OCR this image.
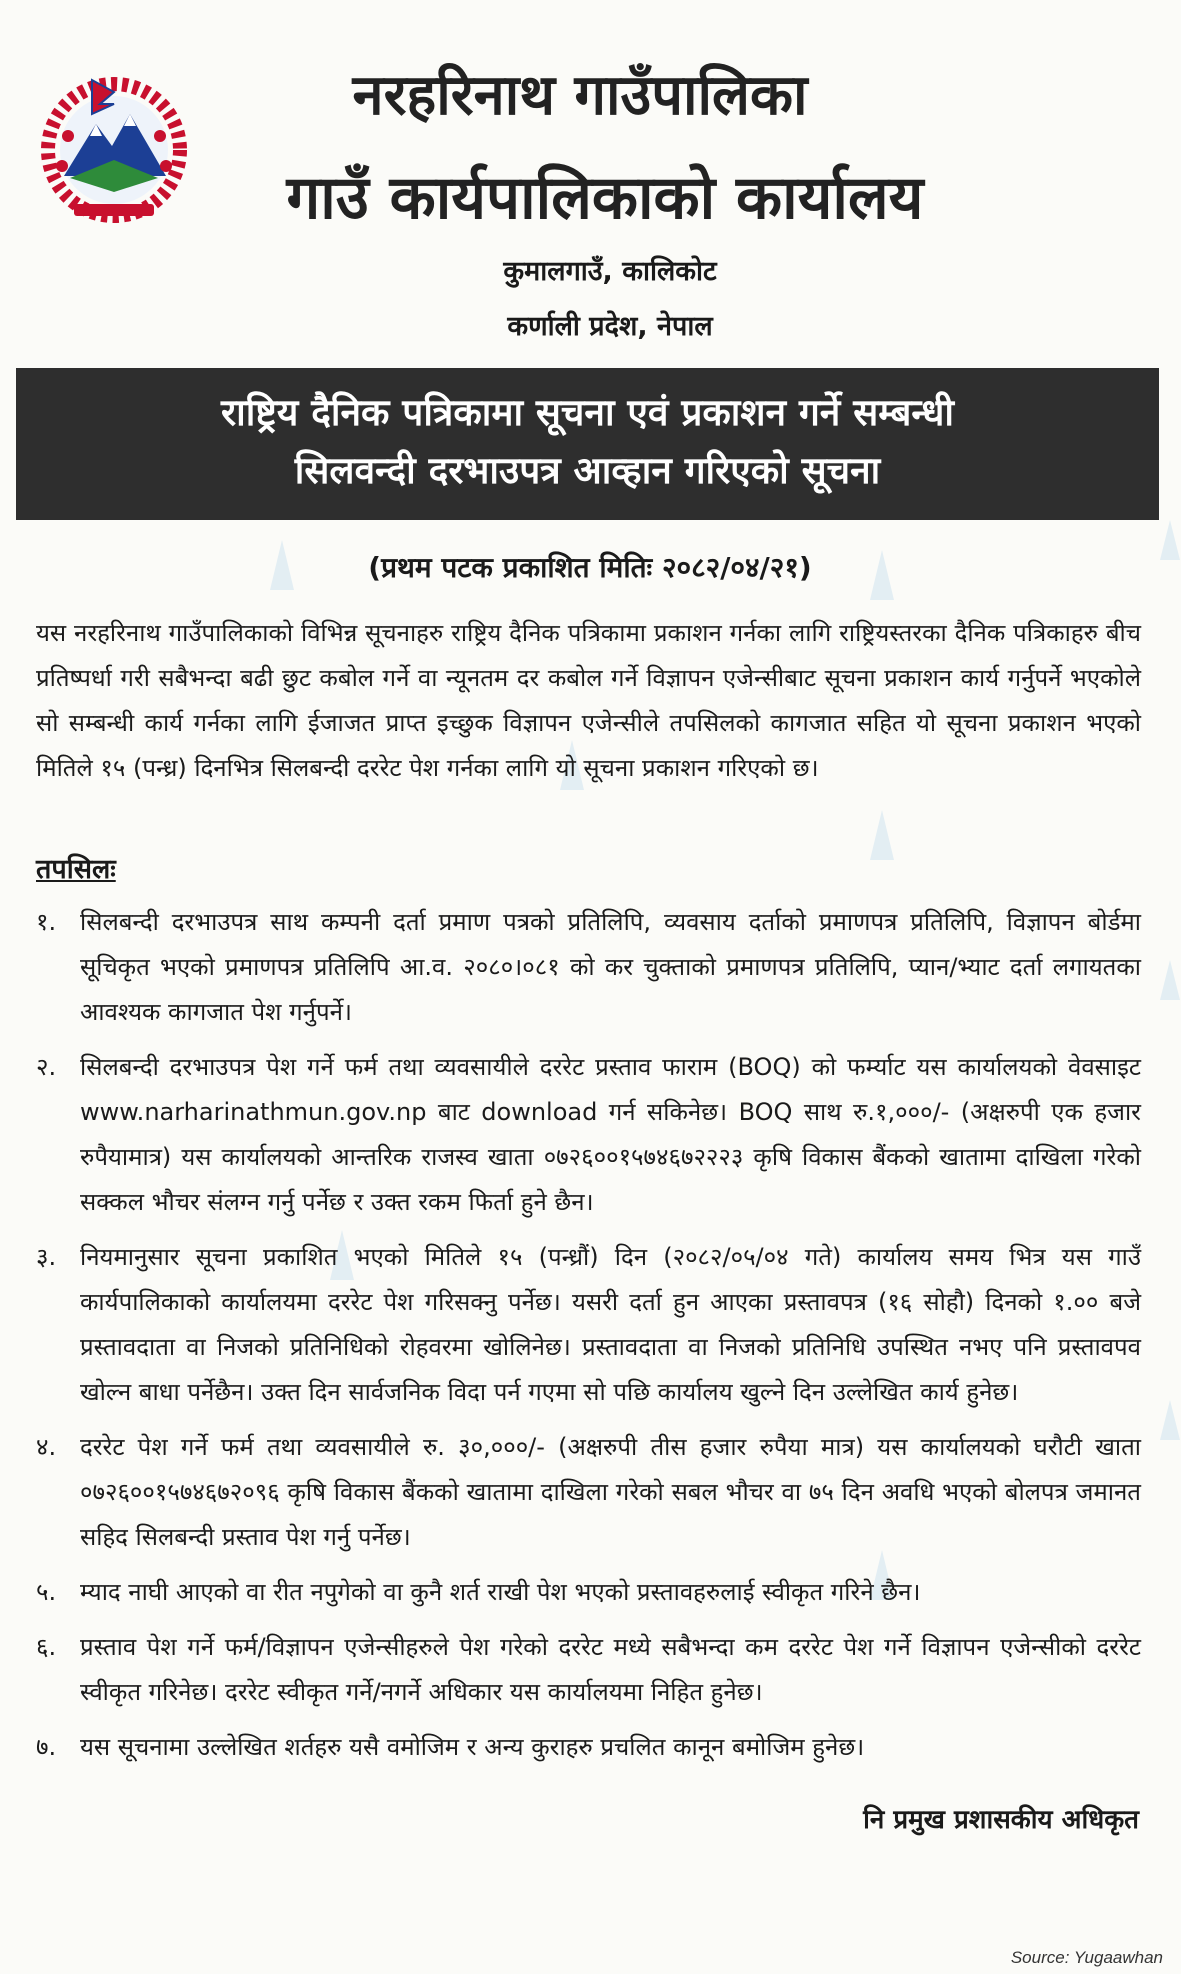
नरहरिनाथ गाउँपालिका
गाउँ कार्यपालिकाको कार्यालय
कुमालगाउँ, कालिकोट
कर्णाली प्रदेश, नेपाल
राष्ट्रिय दैनिक पत्रिकामा सूचना एवं प्रकाशन गर्ने सम्बन्धी
सिलवन्दी दरभाउपत्र आव्हान गरिएको सूचना
(प्रथम पटक प्रकाशित मितिः २०८२/०४/२१)
यस नरहरिनाथ गाउँपालिकाको विभिन्न सूचनाहरु राष्ट्रिय दैनिक पत्रिकामा प्रकाशन गर्नका लागि राष्ट्रियस्तरका दैनिक पत्रिकाहरु बीच प्रतिष्पर्धा गरी सबैभन्दा बढी छुट कबोल गर्ने वा न्यूनतम दर कबोल गर्ने विज्ञापन एजेन्सीबाट सूचना प्रकाशन कार्य गर्नुपर्ने भएकोले सो सम्बन्धी कार्य गर्नका लागि ईजाजत प्राप्त इच्छुक विज्ञापन एजेन्सीले तपसिलको कागजात सहित यो सूचना प्रकाशन भएको मितिले १५ (पन्ध्र) दिनभित्र सिलबन्दी दररेट पेश गर्नका लागि यो सूचना प्रकाशन गरिएको छ।
तपसिलः
१. सिलबन्दी दरभाउपत्र साथ कम्पनी दर्ता प्रमाण पत्रको प्रतिलिपि, व्यवसाय दर्ताको प्रमाणपत्र प्रतिलिपि, विज्ञापन बोर्डमा सूचिकृत भएको प्रमाणपत्र प्रतिलिपि आ.व. २०८०।०८१ को कर चुक्ताको प्रमाणपत्र प्रतिलिपि, प्यान/भ्याट दर्ता लगायतका आवश्यक कागजात पेश गर्नुपर्ने।
२. सिलबन्दी दरभाउपत्र पेश गर्ने फर्म तथा व्यवसायीले दररेट प्रस्ताव फाराम (BOQ) को फर्म्याट यस कार्यालयको वेवसाइट www.narharinathmun.gov.np बाट download गर्न सकिनेछ। BOQ साथ रु.१,०००/- (अक्षरुपी एक हजार रुपैयामात्र) यस कार्यालयको आन्तरिक राजस्व खाता ०७२६००१५७४६७२२२३ कृषि विकास बैंकको खातामा दाखिला गरेको सक्कल भौचर संलग्न गर्नु पर्नेछ र उक्त रकम फिर्ता हुने छैन।
३. नियमानुसार सूचना प्रकाशित भएको मितिले १५ (पन्ध्रौं) दिन (२०८२/०५/०४ गते) कार्यालय समय भित्र यस गाउँ कार्यपालिकाको कार्यालयमा दररेट पेश गरिसक्नु पर्नेछ। यसरी दर्ता हुन आएका प्रस्तावपत्र (१६ सोहौ) दिनको १.०० बजे प्रस्तावदाता वा निजको प्रतिनिधिको रोहवरमा खोलिनेछ। प्रस्तावदाता वा निजको प्रतिनिधि उपस्थित नभए पनि प्रस्तावपव खोल्न बाधा पर्नेछैन। उक्त दिन सार्वजनिक विदा पर्न गएमा सो पछि कार्यालय खुल्ने दिन उल्लेखित कार्य हुनेछ।
४. दररेट पेश गर्ने फर्म तथा व्यवसायीले रु. ३०,०००/- (अक्षरुपी तीस हजार रुपैया मात्र) यस कार्यालयको घरौटी खाता ०७२६००१५७४६७२०९६ कृषि विकास बैंकको खातामा दाखिला गरेको सबल भौचर वा ७५ दिन अवधि भएको बोलपत्र जमानत सहिद सिलबन्दी प्रस्ताव पेश गर्नु पर्नेछ।
५. म्याद नाघी आएको वा रीत नपुगेको वा कुनै शर्त राखी पेश भएको प्रस्तावहरुलाई स्वीकृत गरिने छैन।
६. प्रस्ताव पेश गर्ने फर्म/विज्ञापन एजेन्सीहरुले पेश गरेको दररेट मध्ये सबैभन्दा कम दररेट पेश गर्ने विज्ञापन एजेन्सीको दररेट स्वीकृत गरिनेछ। दररेट स्वीकृत गर्ने/नगर्ने अधिकार यस कार्यालयमा निहित हुनेछ।
७. यस सूचनामा उल्लेखित शर्तहरु यसै वमोजिम र अन्य कुराहरु प्रचलित कानून बमोजिम हुनेछ।
नि प्रमुख प्रशासकीय अधिकृत
Source: Yugaawhan
